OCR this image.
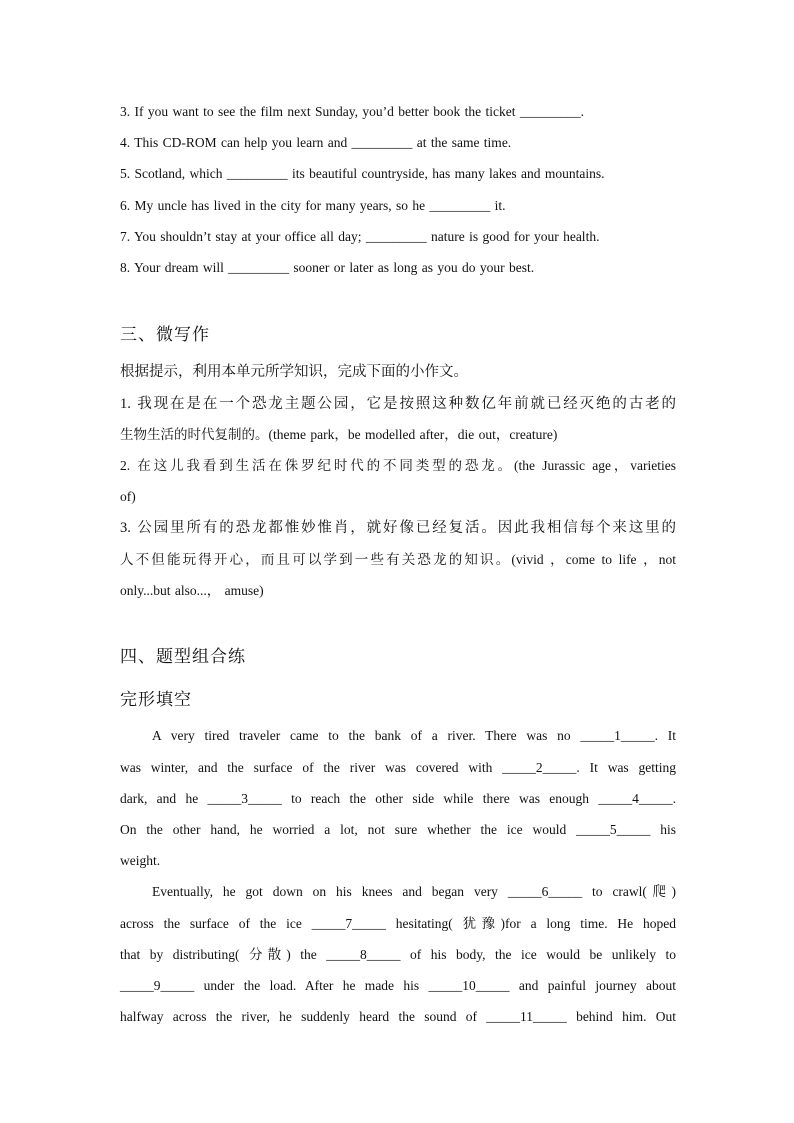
3. If you want to see the film next Sunday, you’d better book the ticket _________.
4. This CD-ROM can help you learn and _________ at the same time.
5. Scotland, which _________ its beautiful countryside, has many lakes and mountains.
6. My uncle has lived in the city for many years, so he _________ it.
7. You shouldn’t stay at your office all day; _________ nature is good for your health.
8. Your dream will _________ sooner or later as long as you do your best.
三、微写作
根据提示，利用本单元所学知识，完成下面的小作文。
1. 我现在是在一个恐龙主题公园，它是按照这种数亿年前就已经灭绝的古老的
生物生活的时代复制的。(theme park，be modelled after，die out，creature)
2. 在这儿我看到生活在侏罗纪时代的不同类型的恐龙。(the Jurassic age，varieties
of)
3. 公园里所有的恐龙都惟妙惟肖，就好像已经复活。因此我相信每个来这里的
人不但能玩得开心，而且可以学到一些有关恐龙的知识。(vivid ，come to life ，not
only...but also...， amuse)
四、题型组合练
完形填空
A very tired traveler came to the bank of a river. There was no _____1_____. It
was winter, and the surface of the river was covered with _____2_____. It was getting
dark, and he _____3_____ to reach the other side while there was enough _____4_____.
On the other hand, he worried a lot, not sure whether the ice would _____5_____ his
weight.
Eventually, he got down on his knees and began very _____6_____ to crawl(爬)
across the surface of the ice _____7_____ hesitating( 犹豫)for a long time. He hoped
that by distributing( 分散) the _____8_____ of his body, the ice would be unlikely to
_____9_____ under the load. After he made his _____10_____ and painful journey about
halfway across the river, he suddenly heard the sound of _____11_____ behind him. Out
